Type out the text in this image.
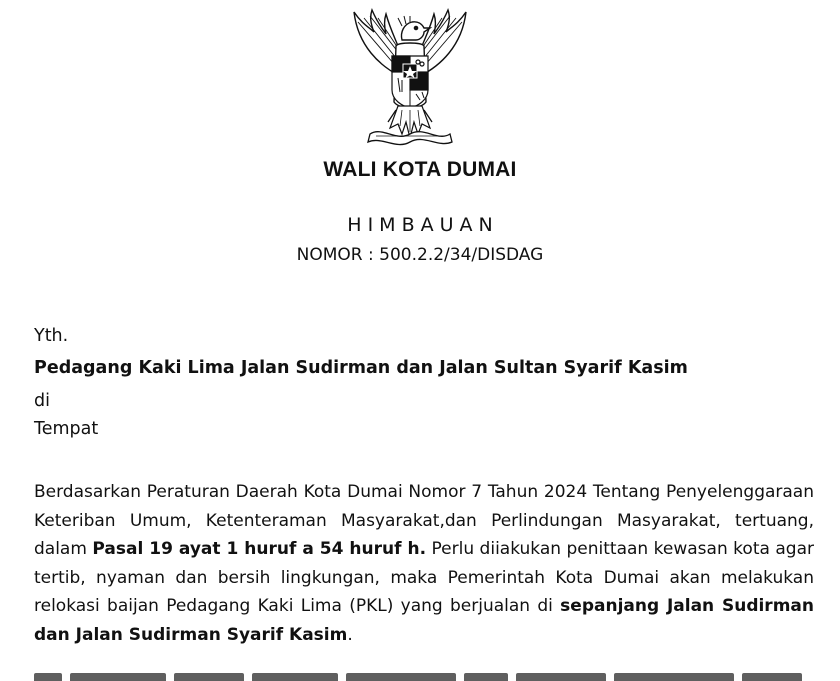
WALI KOTA DUMAI
HIMBAUAN
NOMOR : 500.2.2/34/DISDAG
Yth.
Pedagang Kaki Lima Jalan Sudirman dan Jalan Sultan Syarif Kasim
di
Tempat
Berdasarkan Peraturan Daerah Kota Dumai Nomor 7 Tahun 2024 Tentang Penyelenggaraan Keteriban Umum, Ketenteraman Masyarakat,dan Perlindungan Masyarakat, tertuang, dalam Pasal 19 ayat 1 huruf a 54 huruf h. Perlu diiakukan penittaan kewasan kota agar tertib, nyaman dan bersih lingkungan, maka Pemerintah Kota Dumai akan melakukan relokasi baijan Pedagang Kaki Lima (PKL) yang berjualan di sepanjang Jalan Sudirman dan Jalan Sudirman Syarif Kasim.
